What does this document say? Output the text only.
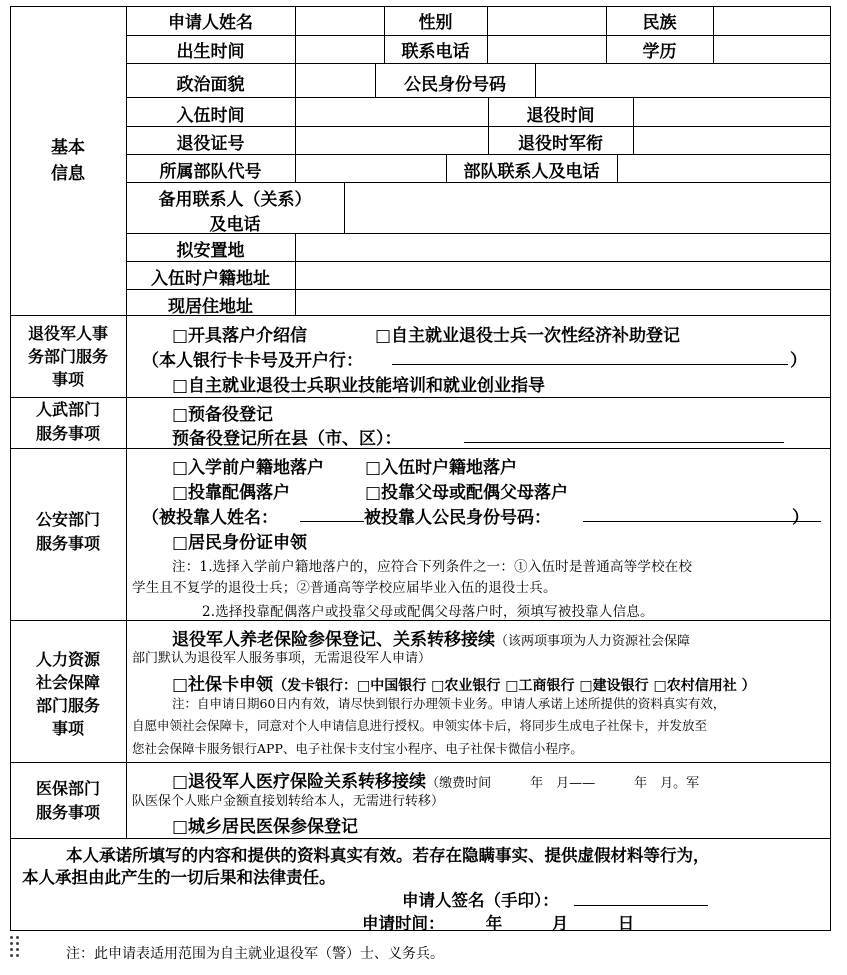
基本
信息
申请人姓名	性别	民族
出生时间	联系电话	学历
政治面貌	公民身份号码
入伍时间	退役时间
退役证号	退役时军衔
所属部队代号	部队联系人及电话
备用联系人（关系）
及电话
拟安置地
入伍时户籍地址
现居住地址
退役军人事
务部门服务
事项
□开具落户介绍信	□自主就业退役士兵一次性经济补助登记
（本人银行卡卡号及开户行：	）
□自主就业退役士兵职业技能培训和就业创业指导
人武部门
服务事项
□预备役登记
预备役登记所在县（市、区）：
公安部门
服务事项
□入学前户籍地落户 □入伍时户籍地落户
□投靠配偶落户	□投靠父母或配偶父母落户
（被投靠人姓名：	被投靠人公民身份号码：	）
□居民身份证申领
注：1.选择入学前户籍地落户的，应符合下列条件之一：①入伍时是普通高等学校在校
学生且不复学的退役士兵；②普通高等学校应届毕业入伍的退役士兵。
2.选择投靠配偶落户或投靠父母或配偶父母落户时，须填写被投靠人信息。
人力资源
社会保障
部门服务
事项
退役军人养老保险参保登记、关系转移接续（该两项事项为人力资源社会保障
部门默认为退役军人服务事项，无需退役军人申请）
□社保卡申领（发卡银行：□中国银行 □农业银行 □工商银行 □建设银行 □农村信用社 ）
注：自申请日期60日内有效，请尽快到银行办理领卡业务。申请人承诺上述所提供的资料真实有效，
自愿申领社会保障卡，同意对个人申请信息进行授权。申领实体卡后，将同步生成电子社保卡，并发放至
您社会保障卡服务银行APP、电子社保卡支付宝小程序、电子社保卡微信小程序。
医保部门
服务事项
□退役军人医疗保险关系转移接续（缴费时间　　　年　月——　　　年　月。军
队医保个人账户金额直接划转给本人，无需进行转移）
□城乡居民医保参保登记
本人承诺所填写的内容和提供的资料真实有效。若存在隐瞒事实、提供虚假材料等行为，
本人承担由此产生的一切后果和法律责任。
申请人签名（手印）：
申请时间：　　　年　　　月　　　日
注：此申请表适用范围为自主就业退役军（警）士、义务兵。
